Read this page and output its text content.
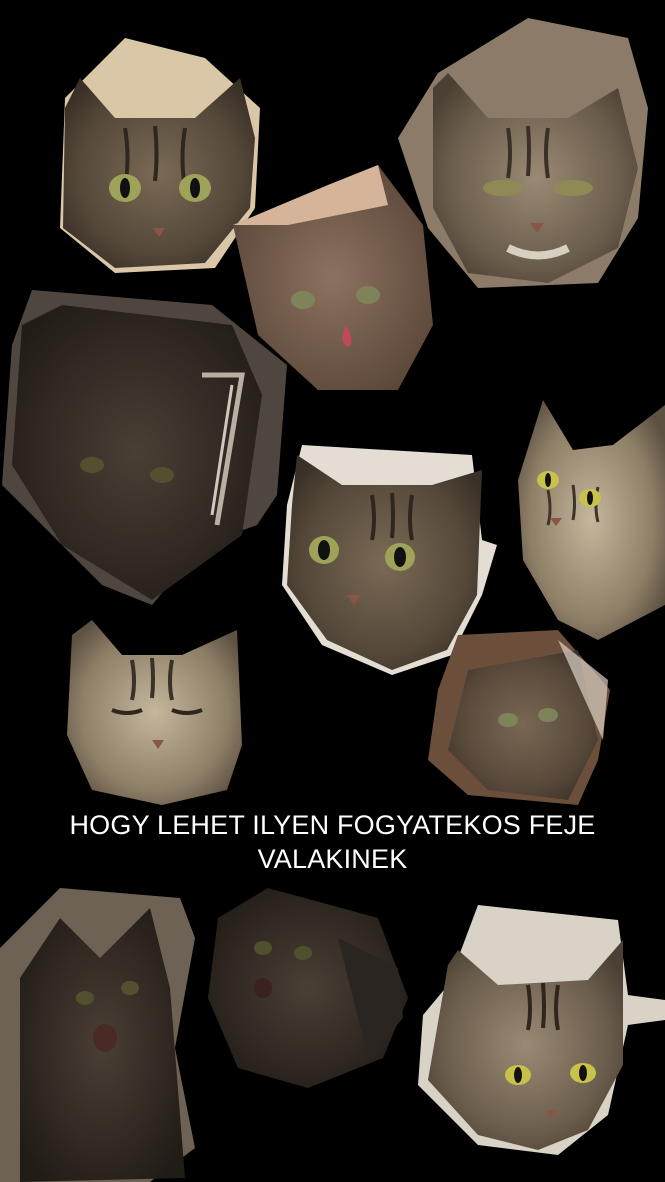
HOGY LEHET ILYEN FOGYATEKOS FEJE
VALAKINEK
